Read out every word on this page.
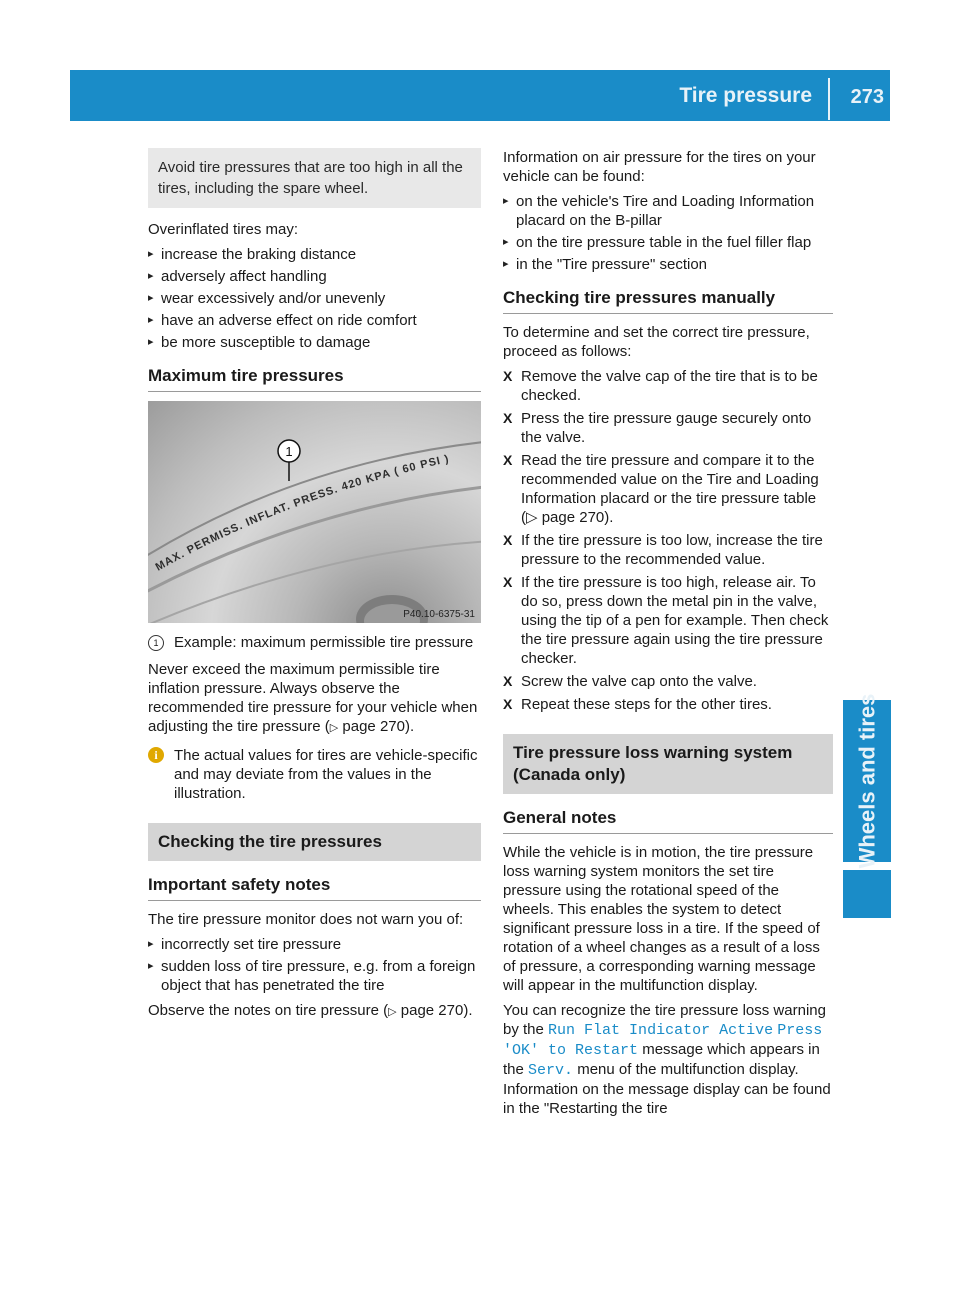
Tire pressure 273
Wheels and tires
Avoid tire pressures that are too high in all the tires, including the spare wheel.

Overinflated tires may:

▸ increase the braking distance
▸ adversely affect handling
▸ wear excessively and/or unevenly
▸ have an adverse effect on ride comfort
▸ be more susceptible to damage
Maximum tire pressures
MAX. PERMISS. INFLAT. PRESS. 420 KPA ( 60 PSI )
1
P40.10-6375-31
1	Example: maximum permissible tire pressure

Never exceed the maximum permissible tire inflation pressure. Always observe the recommended tire pressure for your vehicle when adjusting the tire pressure (▷ page 270).

i	The actual values for tires are vehicle-specific and may deviate from the values in the illustration.
Checking the tire pressures
Important safety notes

The tire pressure monitor does not warn you of:

▸ incorrectly set tire pressure
▸ sudden loss of tire pressure, e.g. from a foreign object that has penetrated the tire

Observe the notes on tire pressure (▷ page 270).

Information on air pressure for the tires on your vehicle can be found:

▸ on the vehicle's Tire and Loading Information placard on the B-pillar
▸ on the tire pressure table in the fuel filler flap
▸ in the "Tire pressure" section
Checking tire pressures manually

To determine and set the correct tire pressure, proceed as follows:

X Remove the valve cap of the tire that is to be checked.
X Press the tire pressure gauge securely onto the valve.
X Read the tire pressure and compare it to the recommended value on the Tire and Loading Information placard or the tire pressure table (▷ page 270).
X If the tire pressure is too low, increase the tire pressure to the recommended value.
X If the tire pressure is too high, release air. To do so, press down the metal pin in the valve, using the tip of a pen for example. Then check the tire pressure again using the tire pressure checker.
X Screw the valve cap onto the valve.
X Repeat these steps for the other tires.
Tire pressure loss warning system (Canada only)
General notes

While the vehicle is in motion, the tire pressure loss warning system monitors the set tire pressure using the rotational speed of the wheels. This enables the system to detect significant pressure loss in a tire. If the speed of rotation of a wheel changes as a result of a loss of pressure, a corresponding warning message will appear in the multifunction display.

You can recognize the tire pressure loss warning by the Run Flat Indicator Active Press 'OK' to Restart message which appears in the Serv. menu of the multifunction display. Information on the message display can be found in the "Restarting the tire
